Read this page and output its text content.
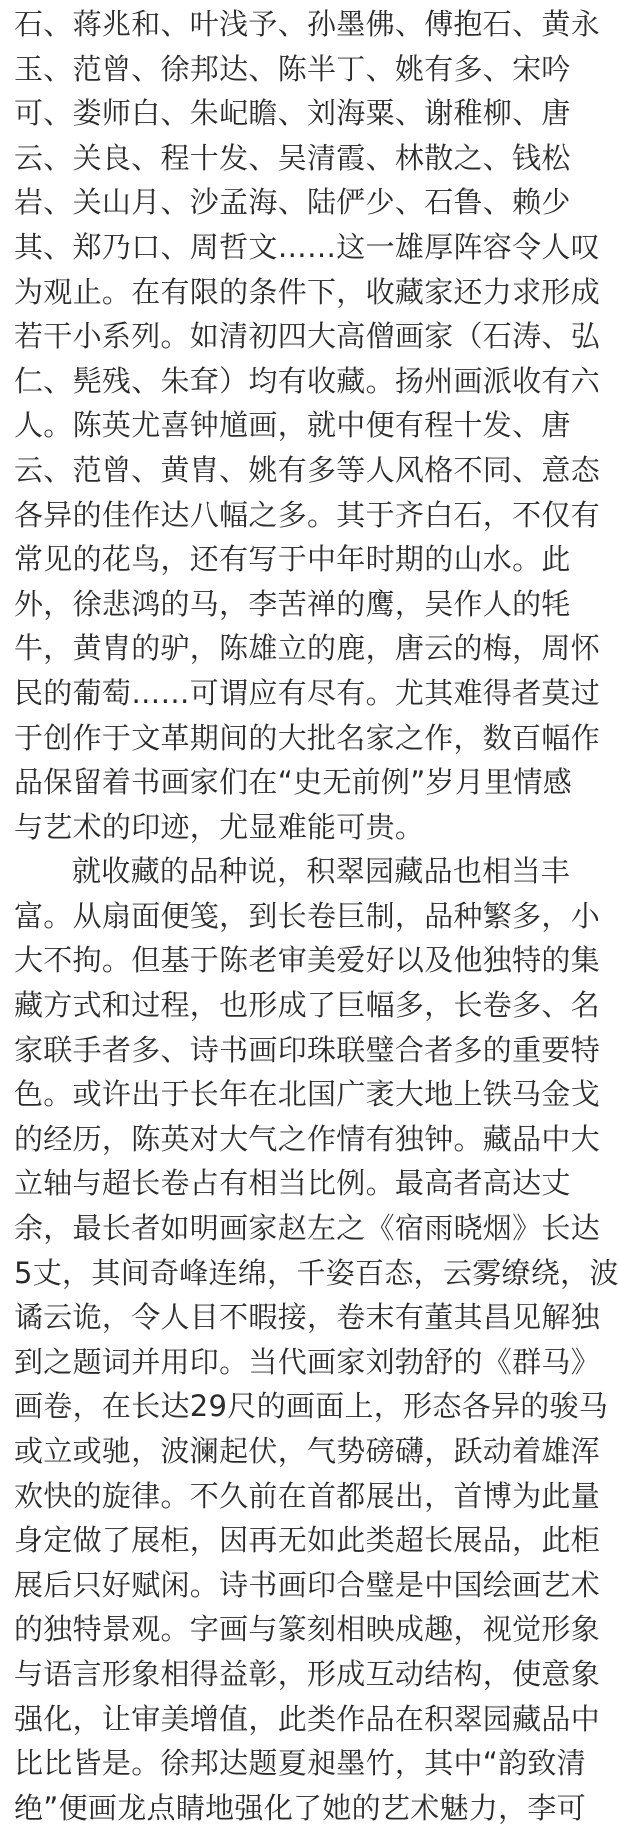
石、蒋兆和、叶浅予、孙墨佛、傅抱石、黄永
玉、范曾、徐邦达、陈半丁、姚有多、宋吟
可、娄师白、朱屺瞻、刘海粟、谢稚柳、唐
云、关良、程十发、吴清霞、林散之、钱松
岩、关山月、沙孟海、陆俨少、石鲁、赖少
其、郑乃口、周哲文……这一雄厚阵容令人叹
为观止。在有限的条件下，收藏家还力求形成
若干小系列。如清初四大高僧画家（石涛、弘
仁、髡残、朱耷）均有收藏。扬州画派收有六
人。陈英尤喜钟馗画，就中便有程十发、唐
云、范曾、黄胄、姚有多等人风格不同、意态
各异的佳作达八幅之多。其于齐白石，不仅有
常见的花鸟，还有写于中年时期的山水。此
外，徐悲鸿的马，李苦禅的鹰，吴作人的牦
牛，黄胄的驴，陈雄立的鹿，唐云的梅，周怀
民的葡萄……可谓应有尽有。尤其难得者莫过
于创作于文革期间的大批名家之作，数百幅作
品保留着书画家们在“史无前例”岁月里情感
与艺术的印迹，尤显难能可贵。
就收藏的品种说，积翠园藏品也相当丰
富。从扇面便笺，到长卷巨制，品种繁多，小
大不拘。但基于陈老审美爱好以及他独特的集
藏方式和过程，也形成了巨幅多，长卷多、名
家联手者多、诗书画印珠联璧合者多的重要特
色。或许出于长年在北国广袤大地上铁马金戈
的经历，陈英对大气之作情有独钟。藏品中大
立轴与超长卷占有相当比例。最高者高达丈
余，最长者如明画家赵左之《宿雨晓烟》长达
5丈，其间奇峰连绵，千姿百态，云雾缭绕，波
谲云诡，令人目不暇接，卷末有董其昌见解独
到之题词并用印。当代画家刘勃舒的《群马》
画卷，在长达29尺的画面上，形态各异的骏马
或立或驰，波澜起伏，气势磅礴，跃动着雄浑
欢快的旋律。不久前在首都展出，首博为此量
身定做了展柜，因再无如此类超长展品，此柜
展后只好赋闲。诗书画印合璧是中国绘画艺术
的独特景观。字画与篆刻相映成趣，视觉形象
与语言形象相得益彰，形成互动结构，使意象
强化，让审美增值，此类作品在积翠园藏品中
比比皆是。徐邦达题夏昶墨竹，其中“韵致清
绝”便画龙点睛地强化了她的艺术魅力，李可
